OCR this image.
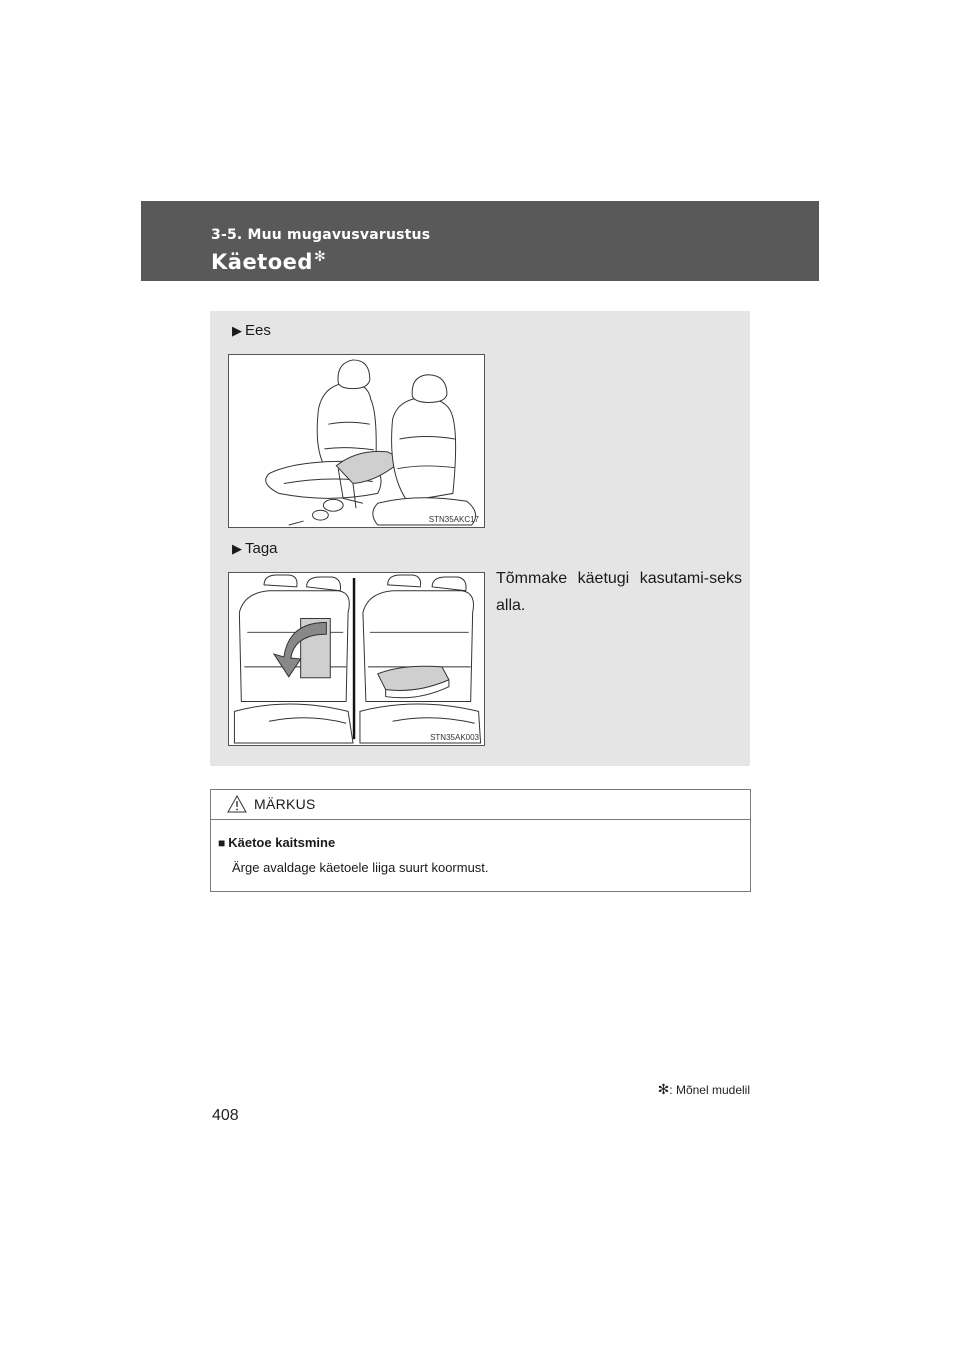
3-5. Muu mugavusvarustus
Käetoed✻
▶ Ees
STN35AKC17
▶ Taga
STN35AK003
Tõmmake käetugi kasutami-seks alla.
MÄRKUS
■ Käetoe kaitsmine
Ärge avaldage käetoele liiga suurt koormust.
✻: Mõnel mudelil
408
